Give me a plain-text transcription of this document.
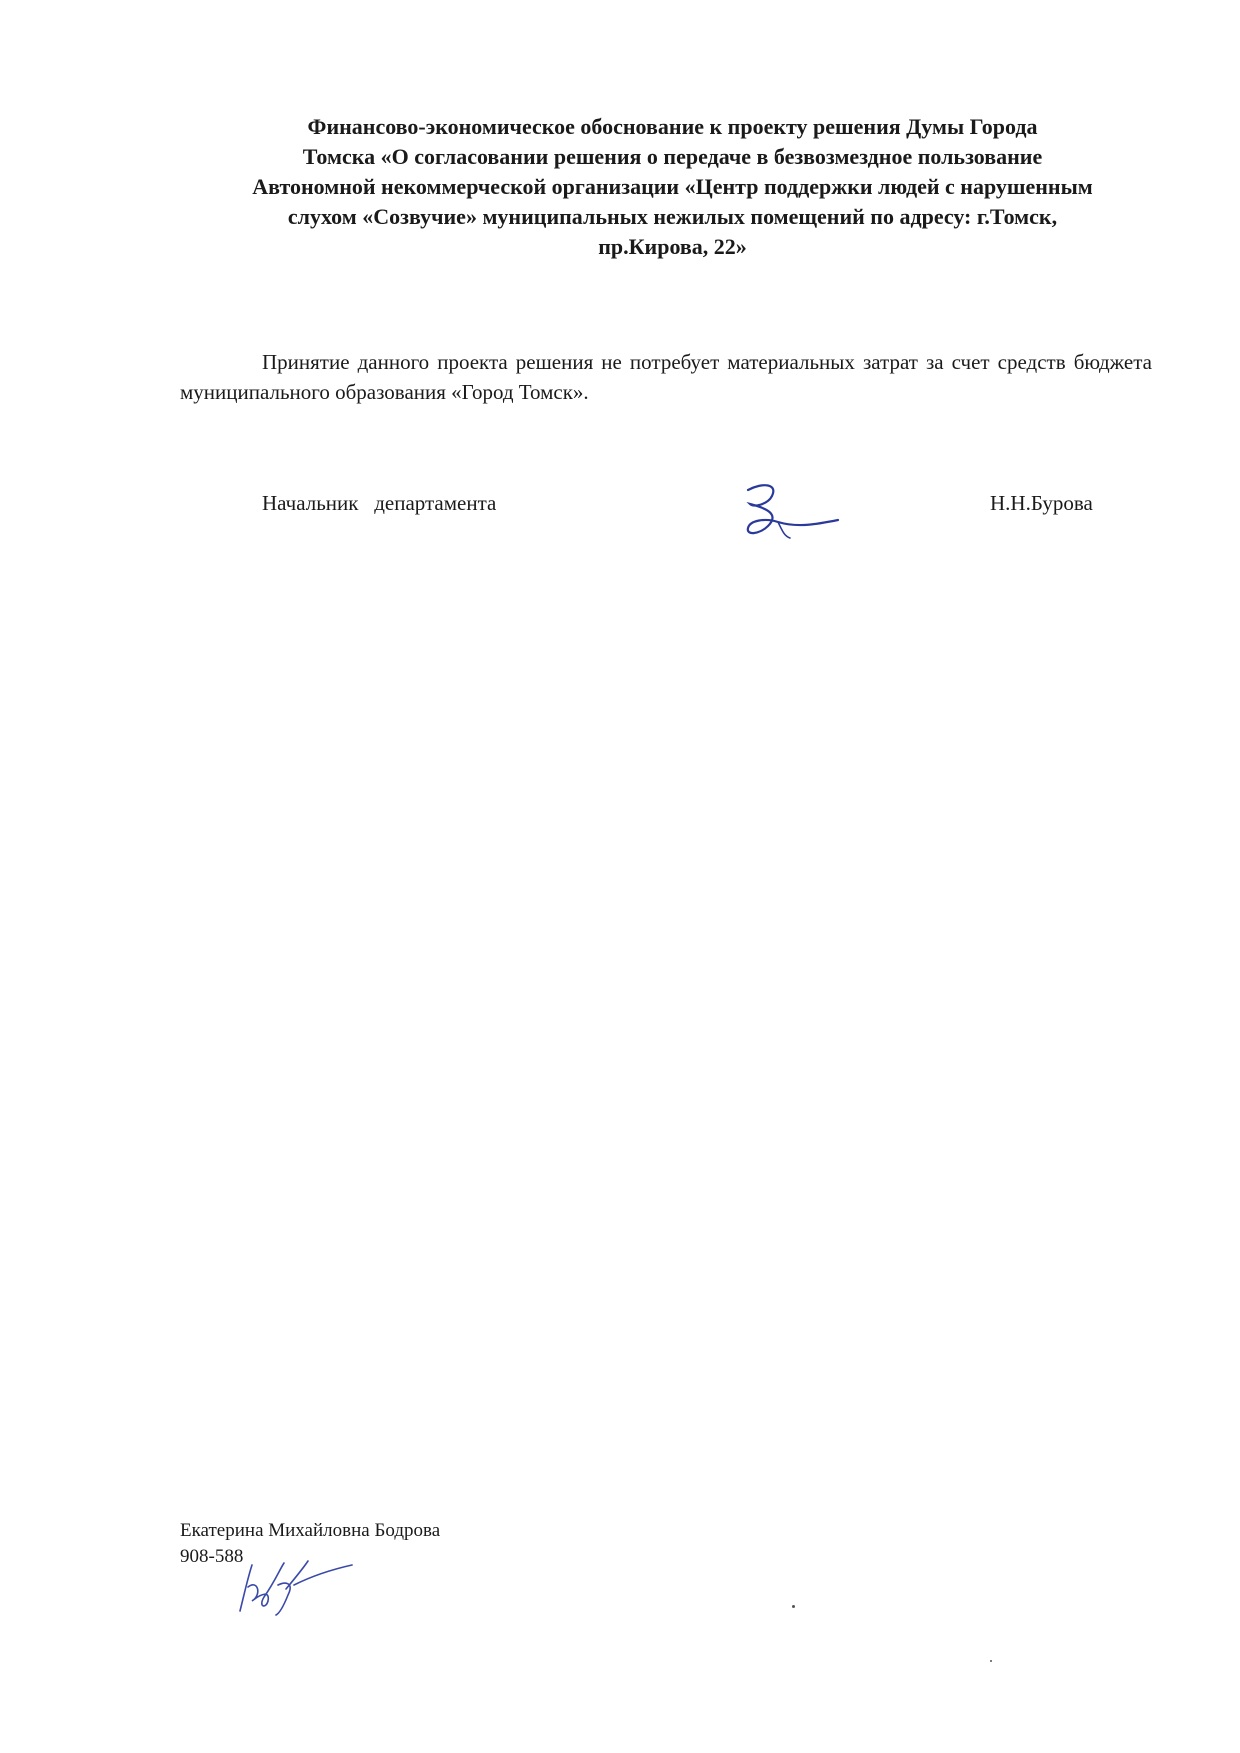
Финансово-экономическое обоснование к проекту решения Думы Города
Томска «О согласовании решения о передаче в безвозмездное пользование
Автономной некоммерческой организации «Центр поддержки людей с нарушенным
слухом «Созвучие» муниципальных нежилых помещений по адресу: г.Томск,
пр.Кирова, 22»
Принятие данного проекта решения не потребует материальных затрат за счет средств бюджета муниципального образования «Город Томск».
Начальник   департамента	Н.Н.Бурова
Екатерина Михайловна Бодрова
908-588
